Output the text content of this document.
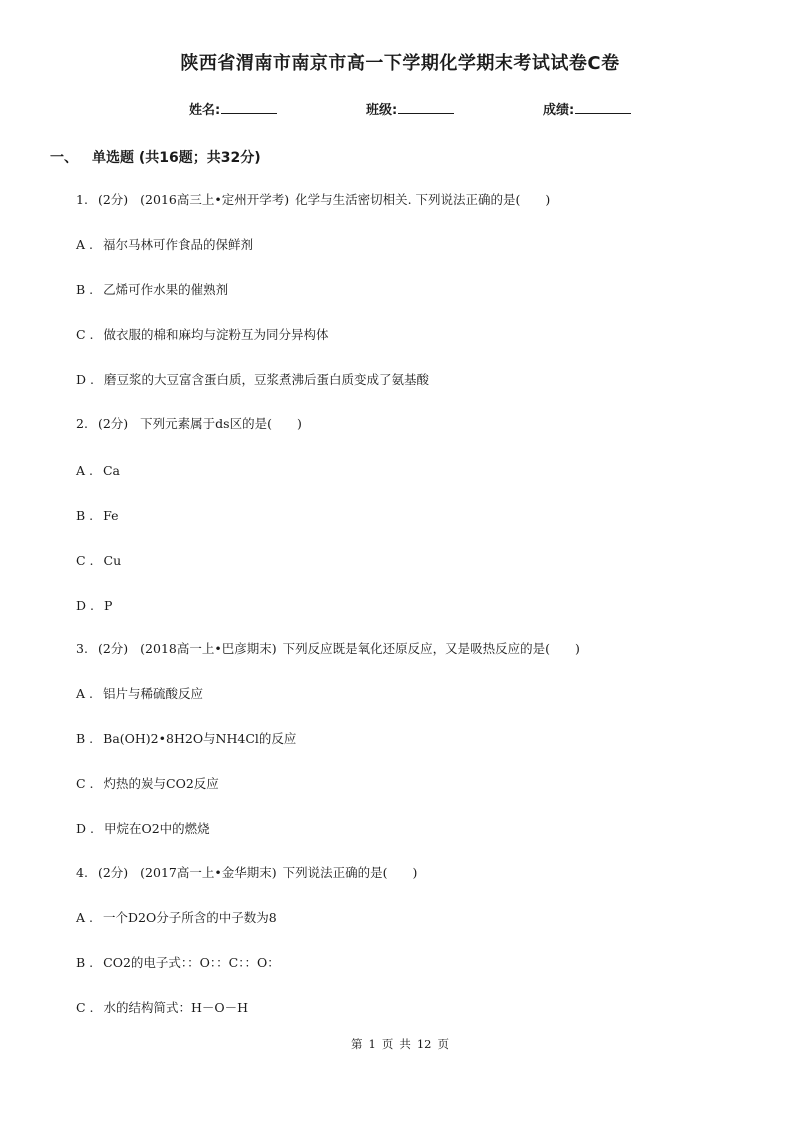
陕西省渭南市南京市高一下学期化学期末考试试卷C卷
姓名:	班级:	成绩:
一、 单选题 (共16题；共32分)
1. (2分) (2016高三上•定州开学考) 化学与生活密切相关. 下列说法正确的是(　　)
A . 福尔马林可作食品的保鲜剂
B . 乙烯可作水果的催熟剂
C . 做衣服的棉和麻均与淀粉互为同分异构体
D . 磨豆浆的大豆富含蛋白质，豆浆煮沸后蛋白质变成了氨基酸
2. (2分) 下列元素属于ds区的是(　　)
A . Ca
B . Fe
C . Cu
D . P
3. (2分) (2018高一上•巴彦期末) 下列反应既是氧化还原反应，又是吸热反应的是(　　)
A . 铝片与稀硫酸反应
B . Ba(OH)2•8H2O与NH4Cl的反应
C . 灼热的炭与CO2反应
D . 甲烷在O2中的燃烧
4. (2分) (2017高一上•金华期末) 下列说法正确的是(　　)
A . 一个D2O分子所含的中子数为8
B . CO2的电子式：：O：：C：：O：
C . 水的结构简式：H－O－H
第 1 页 共 12 页
